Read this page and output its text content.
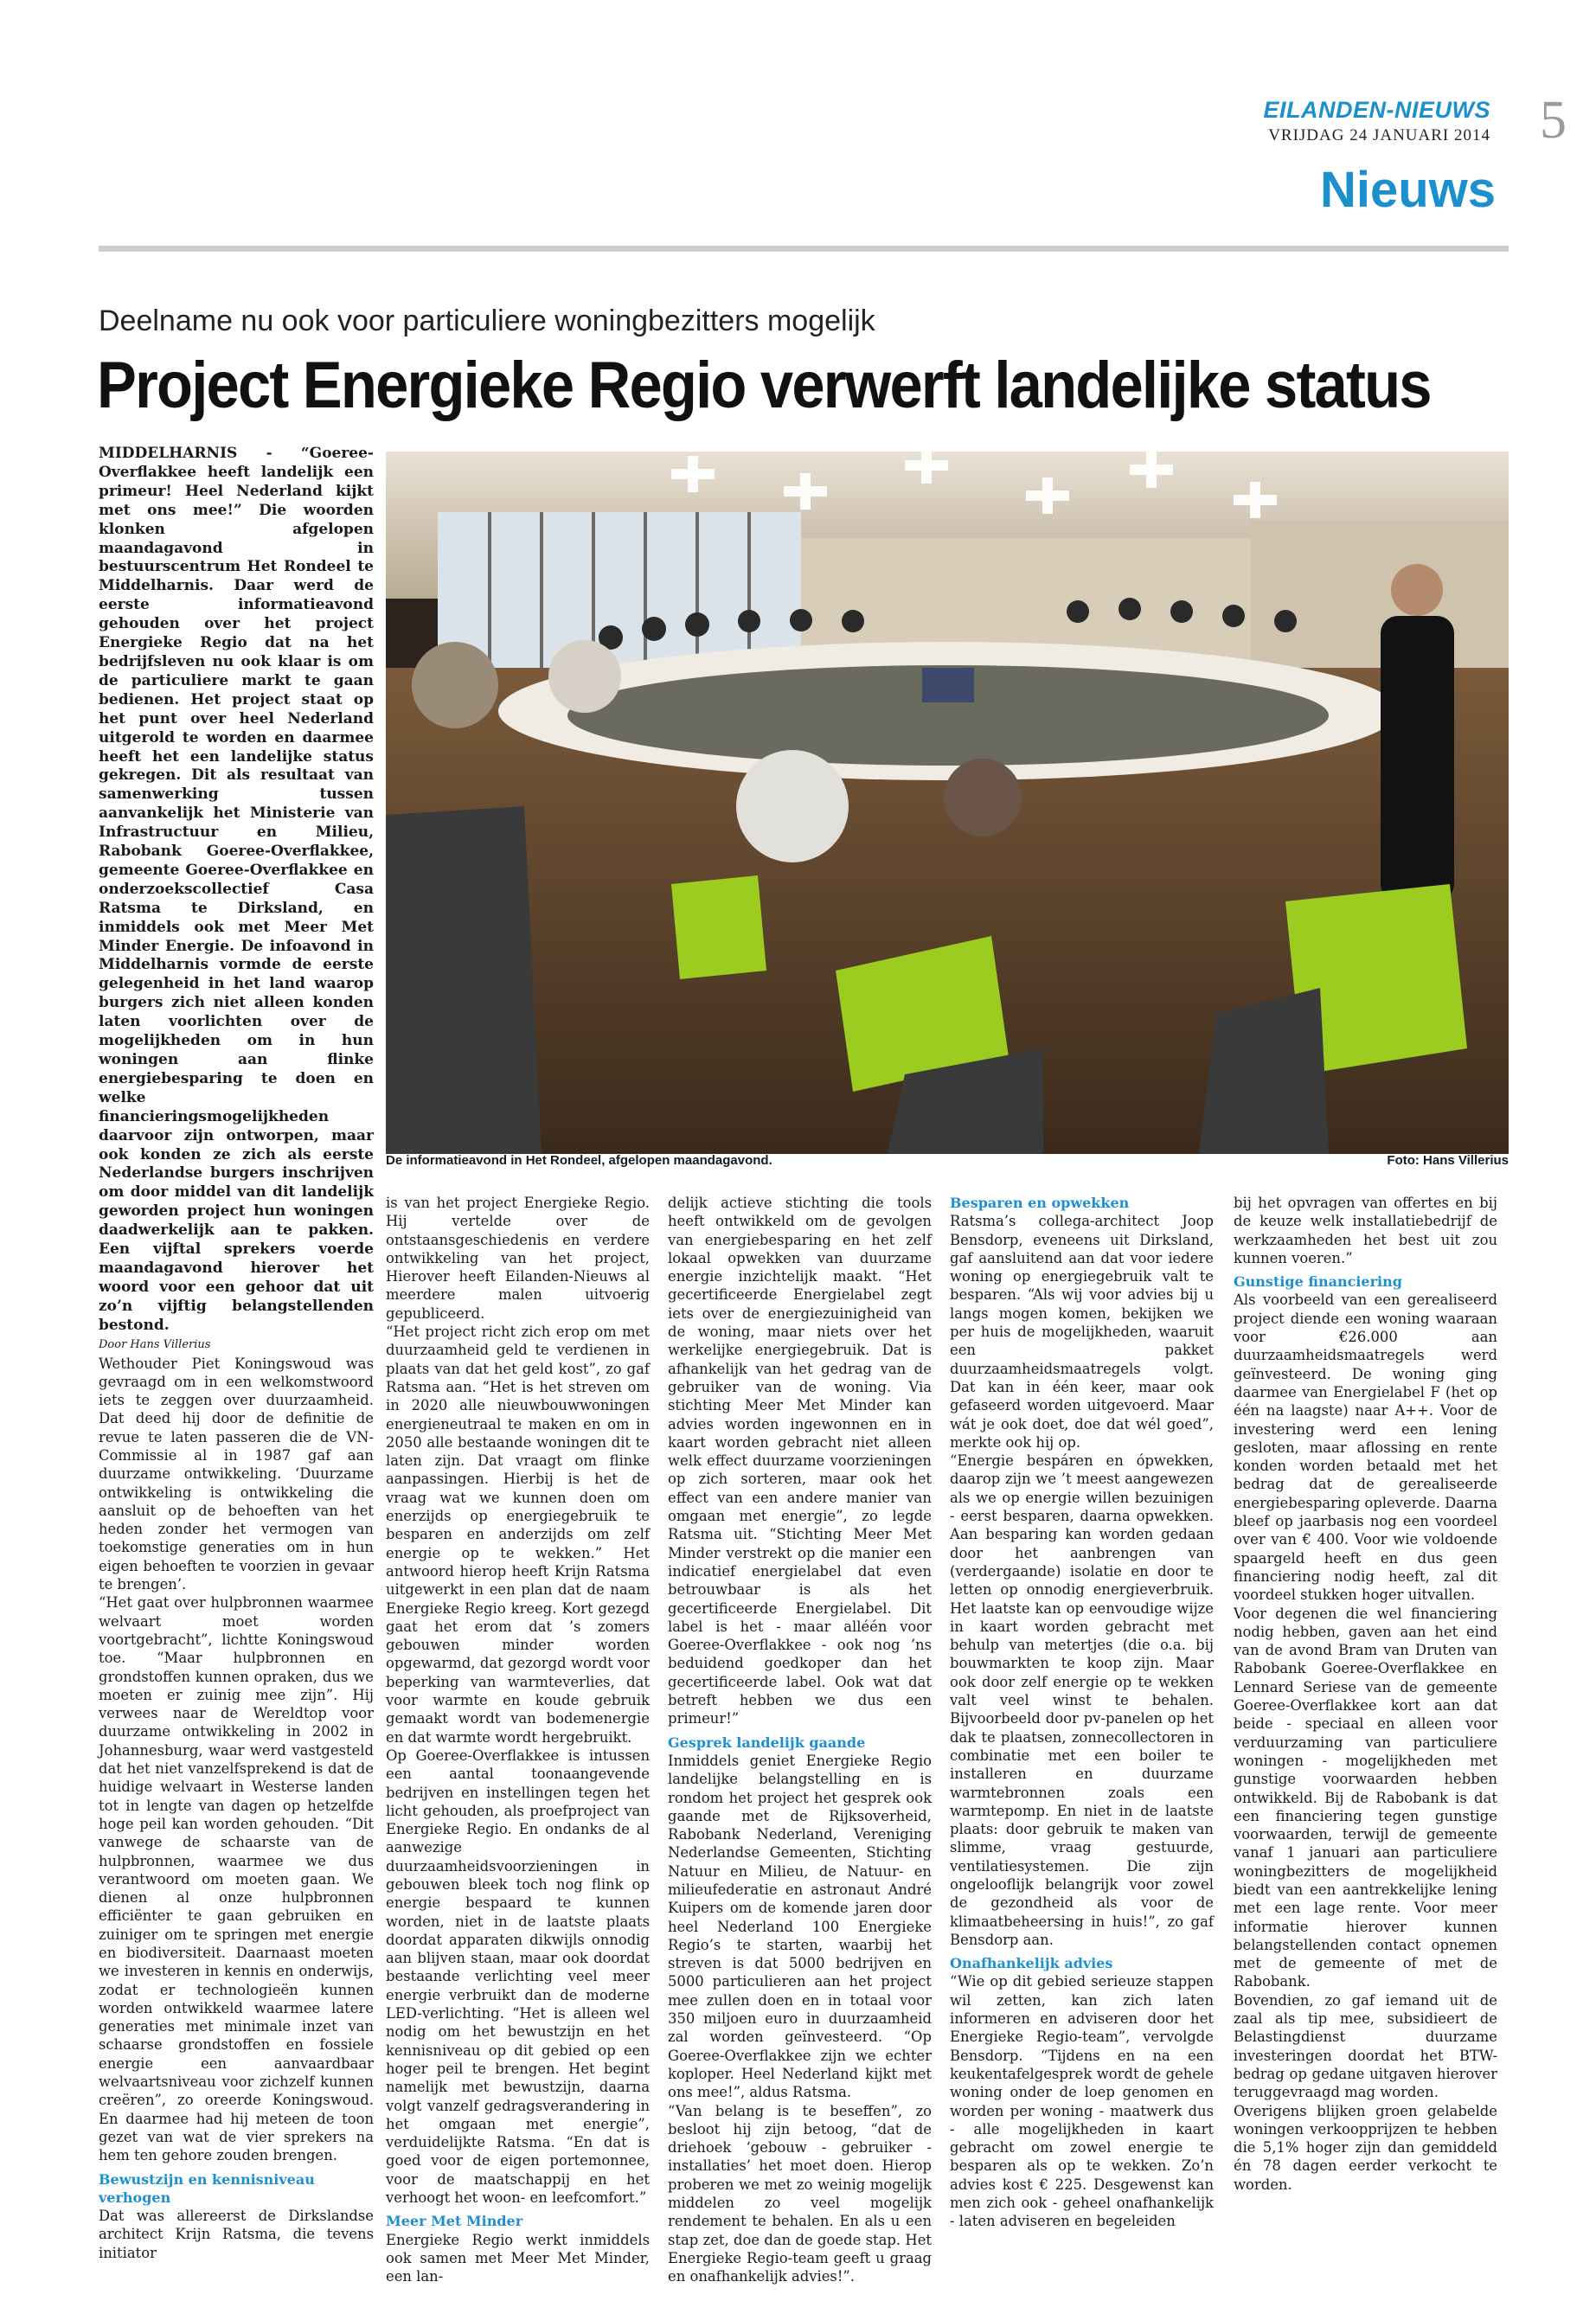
EILANDEN-NIEUWS
VRIJDAG 24 JANUARI 2014 5
Nieuws
Deelname nu ook voor particuliere woningbezitters mogelijk
Project Energieke Regio verwerft landelijke status

MIDDELHARNIS - “Goeree-Overflakkee heeft landelijk een primeur! Heel Nederland kijkt met ons mee!” Die woorden klonken afgelopen maandagavond in bestuurscentrum Het Rondeel te Middelharnis. Daar werd de eerste informatieavond gehouden over het project Energieke Regio dat na het bedrijfsleven nu ook klaar is om de particuliere markt te gaan bedienen. Het project staat op het punt over heel Nederland uitgerold te worden en daarmee heeft het een landelijke status gekregen. Dit als resultaat van samenwerking tussen aanvankelijk het Ministerie van Infrastructuur en Milieu, Rabobank Goeree-Overflakkee, gemeente Goeree-Overflakkee en onderzoekscollectief Casa Ratsma te Dirksland, en inmiddels ook met Meer Met Minder Energie. De infoavond in Middelharnis vormde de eerste gelegenheid in het land waarop burgers zich niet alleen konden laten voorlichten over de mogelijkheden om in hun woningen aan flinke energiebesparing te doen en welke financieringsmogelijkheden daarvoor zijn ontworpen, maar ook konden ze zich als eerste Nederlandse burgers inschrijven om door middel van dit landelijk geworden project hun woningen daadwerkelijk aan te pakken. Een vijftal sprekers voerde maandagavond hierover het woord voor een gehoor dat uit zo’n vijftig belangstellenden bestond.

Door Hans Villerius

Wethouder Piet Koningswoud was gevraagd om in een welkomstwoord iets te zeggen over duurzaamheid. Dat deed hij door de definitie de revue te laten passeren die de VN-Commissie al in 1987 gaf aan duurzame ontwikkeling. ‘Duurzame ontwikkeling is ontwikkeling die aansluit op de behoeften van het heden zonder het vermogen van toekomstige generaties om in hun eigen behoeften te voorzien in gevaar te brengen’.

“Het gaat over hulpbronnen waarmee welvaart moet worden voortgebracht”, lichtte Koningswoud toe. “Maar hulpbronnen en grondstoffen kunnen opraken, dus we moeten er zuinig mee zijn”. Hij verwees naar de Wereldtop voor duurzame ontwikkeling in 2002 in Johannesburg, waar werd vastgesteld dat het niet vanzelfsprekend is dat de huidige welvaart in Westerse landen tot in lengte van dagen op hetzelfde hoge peil kan worden gehouden. “Dit vanwege de schaarste van de hulpbronnen, waarmee we dus verantwoord om moeten gaan. We dienen al onze hulpbronnen efficiënter te gaan gebruiken en zuiniger om te springen met energie en biodiversiteit. Daarnaast moeten we investeren in kennis en onderwijs, zodat er technologieën kunnen worden ontwikkeld waarmee latere generaties met minimale inzet van schaarse grondstoffen en fossiele energie een aanvaardbaar welvaartsniveau voor zichzelf kunnen creëren”, zo oreerde Koningswoud. En daarmee had hij meteen de toon gezet van wat de vier sprekers na hem ten gehore zouden brengen.

Bewustzijn en kennisniveau verhogen

Dat was allereerst de Dirkslandse architect Krijn Ratsma, die tevens initiator

De informatieavond in Het Rondeel, afgelopen maandagavond.	Foto: Hans Villerius

is van het project Energieke Regio. Hij vertelde over de ontstaansgeschiedenis en verdere ontwikkeling van het project, Hierover heeft Eilanden-Nieuws al meerdere malen uitvoerig gepubliceerd.

“Het project richt zich erop om met duurzaamheid geld te verdienen in plaats van dat het geld kost”, zo gaf Ratsma aan. “Het is het streven om in 2020 alle nieuwbouwwoningen energieneutraal te maken en om in 2050 alle bestaande woningen dit te laten zijn. Dat vraagt om flinke aanpassingen. Hierbij is het de vraag wat we kunnen doen om enerzijds op energiegebruik te besparen en anderzijds om zelf energie op te wekken.” Het antwoord hierop heeft Krijn Ratsma uitgewerkt in een plan dat de naam Energieke Regio kreeg. Kort gezegd gaat het erom dat ’s zomers gebouwen minder worden opgewarmd, dat gezorgd wordt voor beperking van warmteverlies, dat voor warmte en koude gebruik gemaakt wordt van bodemenergie en dat warmte wordt hergebruikt.

Op Goeree-Overflakkee is intussen een aantal toonaangevende bedrijven en instellingen tegen het licht gehouden, als proefproject van Energieke Regio. En ondanks de al aanwezige duurzaamheidsvoorzieningen in gebouwen bleek toch nog flink op energie bespaard te kunnen worden, niet in de laatste plaats doordat apparaten dikwijls onnodig aan blijven staan, maar ook doordat bestaande verlichting veel meer energie verbruikt dan de moderne LED-verlichting. “Het is alleen wel nodig om het bewustzijn en het kennisniveau op dit gebied op een hoger peil te brengen. Het begint namelijk met bewustzijn, daarna volgt vanzelf gedragsverandering in het omgaan met energie”, verduidelijkte Ratsma. “En dat is goed voor de eigen portemonnee, voor de maatschappij en het verhoogt het woon- en leefcomfort.”

Meer Met Minder

Energieke Regio werkt inmiddels ook samen met Meer Met Minder, een lan-

delijk actieve stichting die tools heeft ontwikkeld om de gevolgen van energiebesparing en het zelf lokaal opwekken van duurzame energie inzichtelijk maakt. “Het gecertificeerde Energielabel zegt iets over de energiezuinigheid van de woning, maar niets over het werkelijke energiegebruik. Dat is afhankelijk van het gedrag van de gebruiker van de woning. Via stichting Meer Met Minder kan advies worden ingewonnen en in kaart worden gebracht niet alleen welk effect duurzame voorzieningen op zich sorteren, maar ook het effect van een andere manier van omgaan met energie”, zo legde Ratsma uit. “Stichting Meer Met Minder verstrekt op die manier een indicatief energielabel dat even betrouwbaar is als het gecertificeerde Energielabel. Dit label is het - maar alléén voor Goeree-Overflakkee - ook nog ’ns beduidend goedkoper dan het gecertificeerde label. Ook wat dat betreft hebben we dus een primeur!”

Gesprek landelijk gaande

Inmiddels geniet Energieke Regio landelijke belangstelling en is rondom het project het gesprek ook gaande met de Rijksoverheid, Rabobank Nederland, Vereniging Nederlandse Gemeenten, Stichting Natuur en Milieu, de Natuur- en milieufederatie en astronaut André Kuipers om de komende jaren door heel Nederland 100 Energieke Regio’s te starten, waarbij het streven is dat 5000 bedrijven en 5000 particulieren aan het project mee zullen doen en in totaal voor 350 miljoen euro in duurzaamheid zal worden geïnvesteerd. “Op Goeree-Overflakkee zijn we echter koploper. Heel Nederland kijkt met ons mee!”, aldus Ratsma.

“Van belang is te beseffen”, zo besloot hij zijn betoog, “dat de driehoek ‘gebouw - gebruiker - installaties’ het moet doen. Hierop proberen we met zo weinig mogelijk middelen zo veel mogelijk rendement te behalen. En als u een stap zet, doe dan de goede stap. Het Energieke Regio-team geeft u graag en onafhankelijk advies!”.

Besparen en opwekken

Ratsma’s collega-architect Joop Bensdorp, eveneens uit Dirksland, gaf aansluitend aan dat voor iedere woning op energiegebruik valt te besparen. “Als wij voor advies bij u langs mogen komen, bekijken we per huis de mogelijkheden, waaruit een pakket duurzaamheidsmaatregels volgt. Dat kan in één keer, maar ook gefaseerd worden uitgevoerd. Maar wát je ook doet, doe dat wél goed”, merkte ook hij op.

“Energie bespáren en ópwekken, daarop zijn we ’t meest aangewezen als we op energie willen bezuinigen - eerst besparen, daarna opwekken. Aan besparing kan worden gedaan door het aanbrengen van (verdergaande) isolatie en door te letten op onnodig energieverbruik. Het laatste kan op eenvoudige wijze in kaart worden gebracht met behulp van metertjes (die o.a. bij bouwmarkten te koop zijn. Maar ook door zelf energie op te wekken valt veel winst te behalen. Bijvoorbeeld door pv-panelen op het dak te plaatsen, zonnecollectoren in combinatie met een boiler te installeren en duurzame warmtebronnen zoals een warmtepomp. En niet in de laatste plaats: door gebruik te maken van slimme, vraag gestuurde, ventilatiesystemen. Die zijn ongelooflijk belangrijk voor zowel de gezondheid als voor de klimaatbeheersing in huis!”, zo gaf Bensdorp aan.

Onafhankelijk advies

“Wie op dit gebied serieuze stappen wil zetten, kan zich laten informeren en adviseren door het Energieke Regio-team”, vervolgde Bensdorp. “Tijdens en na een keukentafelgesprek wordt de gehele woning onder de loep genomen en worden per woning - maatwerk dus - alle mogelijkheden in kaart gebracht om zowel energie te besparen als op te wekken. Zo’n advies kost € 225. Desgewenst kan men zich ook - geheel onafhankelijk - laten adviseren en begeleiden

bij het opvragen van offertes en bij de keuze welk installatiebedrijf de werkzaamheden het best uit zou kunnen voeren.”

Gunstige financiering

Als voorbeeld van een gerealiseerd project diende een woning waaraan voor €26.000 aan duurzaamheidsmaatregels werd geïnvesteerd. De woning ging daarmee van Energielabel F (het op één na laagste) naar A++. Voor de investering werd een lening gesloten, maar aflossing en rente konden worden betaald met het bedrag dat de gerealiseerde energiebesparing opleverde. Daarna bleef op jaarbasis nog een voordeel over van € 400. Voor wie voldoende spaargeld heeft en dus geen financiering nodig heeft, zal dit voordeel stukken hoger uitvallen.

Voor degenen die wel financiering nodig hebben, gaven aan het eind van de avond Bram van Druten van Rabobank Goeree-Overflakkee en Lennard Seriese van de gemeente Goeree-Overflakkee kort aan dat beide - speciaal en alleen voor verduurzaming van particuliere woningen - mogelijkheden met gunstige voorwaarden hebben ontwikkeld. Bij de Rabobank is dat een financiering tegen gunstige voorwaarden, terwijl de gemeente vanaf 1 januari aan particuliere woningbezitters de mogelijkheid biedt van een aantrekkelijke lening met een lage rente. Voor meer informatie hierover kunnen belangstellenden contact opnemen met de gemeente of met de Rabobank.

Bovendien, zo gaf iemand uit de zaal als tip mee, subsidieert de Belastingdienst duurzame investeringen doordat het BTW-bedrag op gedane uitgaven hierover teruggevraagd mag worden.

Overigens blijken groen gelabelde woningen verkoopprijzen te hebben die 5,1% hoger zijn dan gemiddeld én 78 dagen eerder verkocht te worden.
